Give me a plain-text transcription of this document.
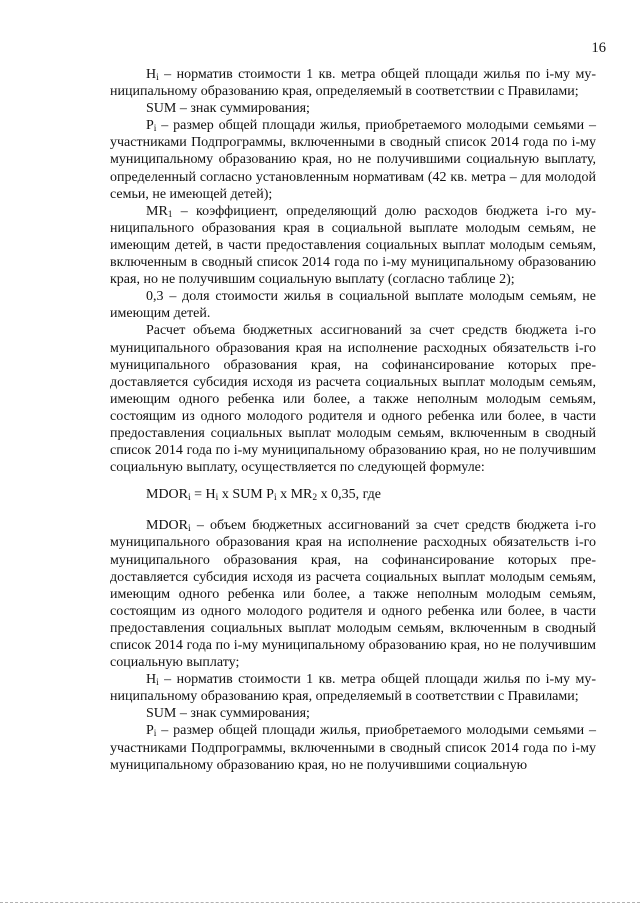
16

$H_i$ – норматив стоимости 1 кв. метра общей площади жилья по i-му муниципальному образованию края, определяемый в соответствии с Правилами;

SUM – знак суммирования;

$P_i$ – размер общей площади жилья, приобретаемого молодыми семьями – участниками Подпрограммы, включенными в сводный список 2014 года по i-му муниципальному образованию края, но не получившими социальную выплату, определенный согласно установленным нормативам (42 кв. метра – для молодой семьи, не имеющей детей);

$MR_1$ – коэффициент, определяющий долю расходов бюджета i-го муниципального образования края в социальной выплате молодым семьям, не имеющим детей, в части предоставления социальных выплат молодым семьям, включенным в сводный список 2014 года по i-му муниципальному образованию края, но не получившим социальную выплату (согласно таблице 2);

0,3 – доля стоимости жилья в социальной выплате молодым семьям, не имеющим детей.

Расчет объема бюджетных ассигнований за счет средств бюджета i-го муниципального образования края на исполнение расходных обязательств i-го муниципального образования края, на софинансирование которых предоставляется субсидия исходя из расчета социальных выплат молодым семьям, имеющим одного ребенка или более, а также неполным молодым семьям, состоящим из одного молодого родителя и одного ребенка или более, в части предоставления социальных выплат молодым семьям, включенным в сводный список 2014 года по i-му муниципальному образованию края, но не получившим социальную выплату, осуществляется по следующей формуле:

$MDOR_i = H_i$ x SUM $P_i$ x $MR_2$ x 0,35, где

$MDOR_i$ – объем бюджетных ассигнований за счет средств бюджета i-го муниципального образования края на исполнение расходных обязательств i-го муниципального образования края, на софинансирование которых предоставляется субсидия исходя из расчета социальных выплат молодым семьям, имеющим одного ребенка или более, а также неполным молодым семьям, состоящим из одного молодого родителя и одного ребенка или более, в части предоставления социальных выплат молодым семьям, включенным в сводный список 2014 года по i-му муниципальному образованию края, но не получившим социальную выплату;

$H_i$ – норматив стоимости 1 кв. метра общей площади жилья по i-му муниципальному образованию края, определяемый в соответствии с Правилами;

SUM – знак суммирования;

$P_i$ – размер общей площади жилья, приобретаемого молодыми семьями – участниками Подпрограммы, включенными в сводный список 2014 года по i-му муниципальному образованию края, но не получившими социальную
